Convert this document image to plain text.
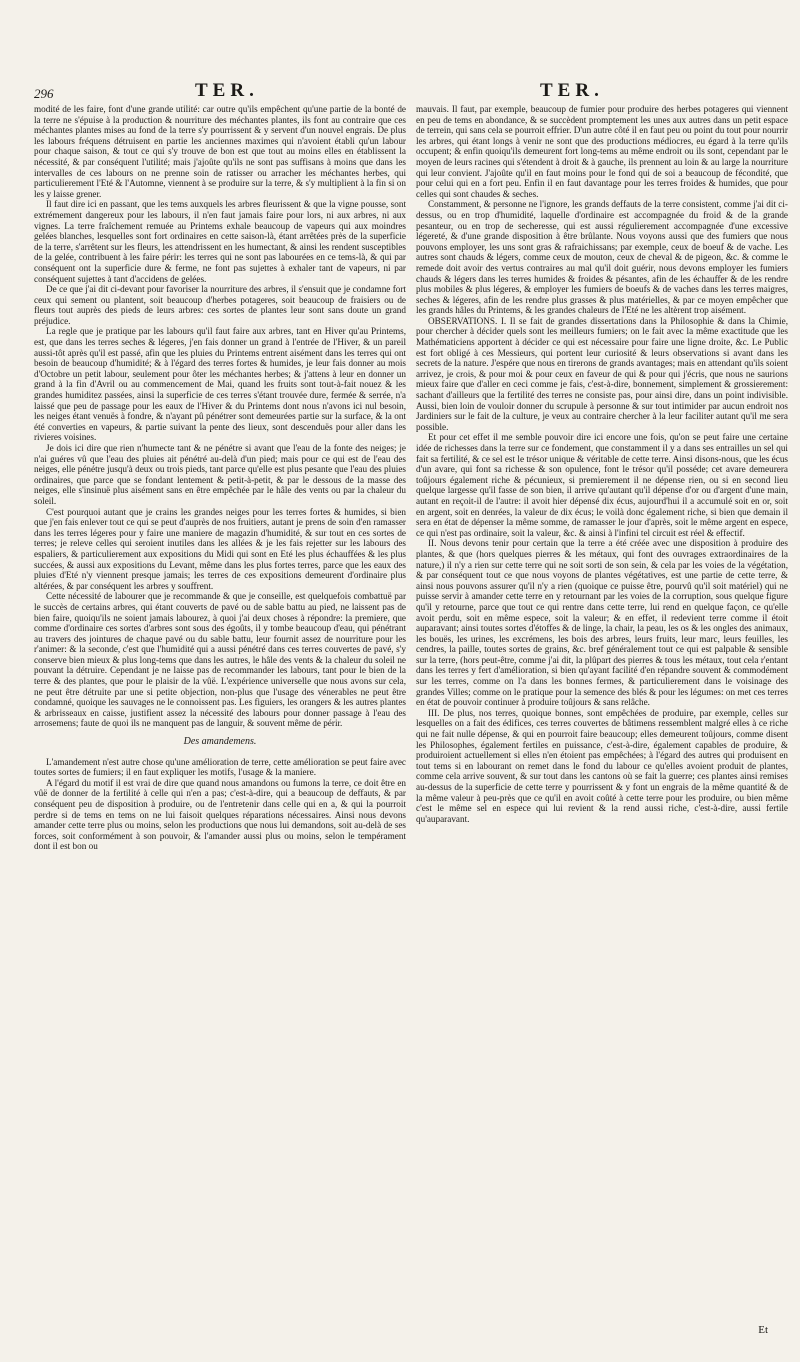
296	TER.	TER.

modité de les faire, font d'une grande utilité: car outre qu'ils empêchent qu'une partie de la bonté de la terre ne s'épuise à la production & nourriture des méchantes plantes, ils font au contraire que ces méchantes plantes mises au fond de la terre s'y pourrissent & y servent d'un nouvel engrais. De plus les labours fréquens détruisent en partie les anciennes maximes qui n'avoient établi qu'un labour pour chaque saison, & tout ce qui s'y trouve de bon est que tout au moins elles en établissent la nécessité, & par conséquent l'utilité; mais j'ajoûte qu'ils ne sont pas suffisans à moins que dans les intervalles de ces labours on ne prenne soin de ratisser ou arracher les méchantes herbes, qui particulierement l'Eté & l'Automne, viennent à se produire sur la terre, & s'y multiplient à la fin si on les y laisse grener.

Il faut dire ici en passant, que les tems auxquels les arbres fleurissent & que la vigne pousse, sont extrémement dangereux pour les labours, il n'en faut jamais faire pour lors, ni aux arbres, ni aux vignes. La terre fraîchement remuée au Printems exhale beaucoup de vapeurs qui aux moindres gelées blanches, lesquelles sont fort ordinaires en cette saison-là, étant arrêtées près de la superficie de la terre, s'arrêtent sur les fleurs, les attendrissent en les humectant, & ainsi les rendent susceptibles de la gelée, contribuent à les faire périr: les terres qui ne sont pas labourées en ce tems-là, & qui par conséquent ont la superficie dure & ferme, ne font pas sujettes à exhaler tant de vapeurs, ni par conséquent sujettes à tant d'accidens de gelées.

De ce que j'ai dit ci-devant pour favoriser la nourriture des arbres, il s'ensuit que je condamne fort ceux qui sement ou plantent, soit beaucoup d'herbes potageres, soit beaucoup de fraisiers ou de fleurs tout auprès des pieds de leurs arbres: ces sortes de plantes leur sont sans doute un grand préjudice.

La regle que je pratique par les labours qu'il faut faire aux arbres, tant en Hiver qu'au Printems, est, que dans les terres seches & légeres, j'en fais donner un grand à l'entrée de l'Hiver, & un pareil aussi-tôt après qu'il est passé, afin que les pluies du Printems entrent aisément dans les terres qui ont besoin de beaucoup d'humidité; & à l'égard des terres fortes & humides, je leur fais donner au mois d'Octobre un petit labour, seulement pour ôter les méchantes herbes; & j'attens à leur en donner un grand à la fin d'Avril ou au commencement de Mai, quand les fruits sont tout-à-fait nouez & les grandes humiditez passées, ainsi la superficie de ces terres s'étant trouvée dure, fermée & serrée, n'a laissé que peu de passage pour les eaux de l'Hiver & du Printems dont nous n'avons ici nul besoin, les neiges étant venuës à fondre, & n'ayant pû pénétrer sont demeurées partie sur la surface, & la ont été converties en vapeurs, & partie suivant la pente des lieux, sont descenduës pour aller dans les rivieres voisines.

Je dois ici dire que rien n'humecte tant & ne pénétre si avant que l'eau de la fonte des neiges; je n'ai guéres vû que l'eau des pluies ait pénétré au-delà d'un pied; mais pour ce qui est de l'eau des neiges, elle pénétre jusqu'à deux ou trois pieds, tant parce qu'elle est plus pesante que l'eau des pluies ordinaires, que parce que se fondant lentement & petit-à-petit, & par le dessous de la masse des neiges, elle s'insinuë plus aisément sans en être empêchée par le hâle des vents ou par la chaleur du soleil.

C'est pourquoi autant que je crains les grandes neiges pour les terres fortes & humides, si bien que j'en fais enlever tout ce qui se peut d'auprès de nos fruitiers, autant je prens de soin d'en ramasser dans les terres légeres pour y faire une maniere de magazin d'humidité, & sur tout en ces sortes de terres; je releve celles qui seroient inutiles dans les allées & je les fais rejetter sur les labours des espaliers, & particulierement aux expositions du Midi qui sont en Eté les plus échauffées & les plus succées, & aussi aux expositions du Levant, même dans les plus fortes terres, parce que les eaux des pluies d'Eté n'y viennent presque jamais; les terres de ces expositions demeurent d'ordinaire plus altérées, & par conséquent les arbres y souffrent.

Cette nécessité de labourer que je recommande & que je conseille, est quelquefois combattuë par le succès de certains arbres, qui étant couverts de pavé ou de sable battu au pied, ne laissent pas de bien faire, quoiqu'ils ne soient jamais labourez, à quoi j'ai deux choses à répondre: la premiere, que comme d'ordinaire ces sortes d'arbres sont sous des égoûts, il y tombe beaucoup d'eau, qui pénétrant au travers des jointures de chaque pavé ou du sable battu, leur fournit assez de nourriture pour les r'animer: & la seconde, c'est que l'humidité qui a aussi pénétré dans ces terres couvertes de pavé, s'y conserve bien mieux & plus long-tems que dans les autres, le hâle des vents & la chaleur du soleil ne pouvant la détruire. Cependant je ne laisse pas de recommander les labours, tant pour le bien de la terre & des plantes, que pour le plaisir de la vûë. L'expérience universelle que nous avons sur cela, ne peut être détruite par une si petite objection, non-plus que l'usage des vénerables ne peut être condamné, quoique les sauvages ne le connoissent pas. Les figuiers, les orangers & les autres plantes & arbrisseaux en caisse, justifient assez la nécessité des labours pour donner passage à l'eau des arrosemens; faute de quoi ils ne manquent pas de languir, & souvent même de périr.

Des amandemens.

L'amandement n'est autre chose qu'une amélioration de terre, cette amélioration se peut faire avec toutes sortes de fumiers; il en faut expliquer les motifs, l'usage & la maniere.

A l'égard du motif il est vrai de dire que quand nous amandons ou fumons la terre, ce doit être en vûë de donner de la fertilité à celle qui n'en a pas; c'est-à-dire, qui a beaucoup de deffauts, & par conséquent peu de disposition à produire, ou de l'entretenir dans celle qui en a, & qui la pourroit perdre si de tems en tems on ne lui faisoit quelques réparations nécessaires. Ainsi nous devons amander cette terre plus ou moins, selon les productions que nous lui demandons, soit au-delà de ses forces, soit conformément à son pouvoir, & l'amander aussi plus ou moins, selon le tempérament dont il est bon ou

mauvais. Il faut, par exemple, beaucoup de fumier pour produire des herbes potageres qui viennent en peu de tems en abondance, & se succèdent promptement les unes aux autres dans un petit espace de terrein, qui sans cela se pourroit effrier. D'un autre côté il en faut peu ou point du tout pour nourrir les arbres, qui étant longs à venir ne sont que des productions médiocres, eu égard à la terre qu'ils occupent; & enfin quoiqu'ils demeurent fort long-tems au même endroit ou ils sont, cependant par le moyen de leurs racines qui s'étendent à droit & à gauche, ils prennent au loin & au large la nourriture qui leur convient. J'ajoûte qu'il en faut moins pour le fond qui de soi a beaucoup de fécondité, que pour celui qui en a fort peu. Enfin il en faut davantage pour les terres froides & humides, que pour celles qui sont chaudes & seches.

Constamment, & personne ne l'ignore, les grands deffauts de la terre consistent, comme j'ai dit ci-dessus, ou en trop d'humidité, laquelle d'ordinaire est accompagnée du froid & de la grande pesanteur, ou en trop de secheresse, qui est aussi régulierement accompagnée d'une excessive légereté, & d'une grande disposition à être brûlante. Nous voyons aussi que des fumiers que nous pouvons employer, les uns sont gras & rafraichissans; par exemple, ceux de boeuf & de vache. Les autres sont chauds & légers, comme ceux de mouton, ceux de cheval & de pigeon, &c. & comme le remede doit avoir des vertus contraires au mal qu'il doit guérir, nous devons employer les fumiers chauds & légers dans les terres humides & froides & pésantes, afin de les échauffer & de les rendre plus mobiles & plus légeres, & employer les fumiers de boeufs & de vaches dans les terres maigres, seches & légeres, afin de les rendre plus grasses & plus matérielles, & par ce moyen empêcher que les grands hâles du Printems, & les grandes chaleurs de l'Eté ne les altèrent trop aisément.

OBSERVATIONS. I. Il se fait de grandes dissertations dans la Philosophie & dans la Chimie, pour chercher à décider quels sont les meilleurs fumiers; on le fait avec la même exactitude que les Mathématiciens apportent à décider ce qui est nécessaire pour faire une ligne droite, &c. Le Public est fort obligé à ces Messieurs, qui portent leur curiosité & leurs observations si avant dans les secrets de la nature. J'espére que nous en tirerons de grands avantages; mais en attendant qu'ils soient arrivez, je crois, & pour moi & pour ceux en faveur de qui & pour qui j'écris, que nous ne saurions mieux faire que d'aller en ceci comme je fais, c'est-à-dire, bonnement, simplement & grossierement: sachant d'ailleurs que la fertilité des terres ne consiste pas, pour ainsi dire, dans un point indivisible. Aussi, bien loin de vouloir donner du scrupule à personne & sur tout intimider par aucun endroit nos Jardiniers sur le fait de la culture, je veux au contraire chercher à la leur faciliter autant qu'il me sera possible.

Et pour cet effet il me semble pouvoir dire ici encore une fois, qu'on se peut faire une certaine idée de richesses dans la terre sur ce fondement, que constamment il y a dans ses entrailles un sel qui fait sa fertilité, & ce sel est le trésor unique & véritable de cette terre. Ainsi disons-nous, que les écus d'un avare, qui font sa richesse & son opulence, font le trésor qu'il posséde; cet avare demeurera toûjours également riche & pécunieux, si premierement il ne dépense rien, ou si en second lieu quelque largesse qu'il fasse de son bien, il arrive qu'autant qu'il dépense d'or ou d'argent d'une main, autant en reçoit-il de l'autre: il avoit hier dépensé dix écus, aujourd'hui il a accumulé soit en or, soit en argent, soit en denrées, la valeur de dix écus; le voilà donc également riche, si bien que demain il sera en état de dépenser la même somme, de ramasser le jour d'après, soit le même argent en espece, ce qui n'est pas ordinaire, soit la valeur, &c. & ainsi à l'infini tel circuit est réel & effectif.

II. Nous devons tenir pour certain que la terre a été créée avec une disposition à produire des plantes, & que (hors quelques pierres & les métaux, qui font des ouvrages extraordinaires de la nature,) il n'y a rien sur cette terre qui ne soit sorti de son sein, & cela par les voies de la végétation, & par conséquent tout ce que nous voyons de plantes végétatives, est une partie de cette terre, & ainsi nous pouvons assurer qu'il n'y a rien (quoique ce puisse être, pourvû qu'il soit matériel) qui ne puisse servir à amander cette terre en y retournant par les voies de la corruption, sous quelque figure qu'il y retourne, parce que tout ce qui rentre dans cette terre, lui rend en quelque façon, ce qu'elle avoit perdu, soit en même espece, soit la valeur; & en effet, il redevient terre comme il étoit auparavant; ainsi toutes sortes d'étoffes & de linge, la chair, la peau, les os & les ongles des animaux, les bouës, les urines, les excrémens, les bois des arbres, leurs fruits, leur marc, leurs feuilles, les cendres, la paille, toutes sortes de grains, &c. bref généralement tout ce qui est palpable & sensible sur la terre, (hors peut-être, comme j'ai dit, la plûpart des pierres & tous les métaux, tout cela r'entant dans les terres y fert d'amélioration, si bien qu'ayant facilité d'en répandre souvent & commodément sur les terres, comme on l'a dans les bonnes fermes, & particulierement dans le voisinage des grandes Villes; comme on le pratique pour la semence des blés & pour les légumes: on met ces terres en état de pouvoir continuer à produire toûjours & sans relâche.

III. De plus, nos terres, quoique bonnes, sont empêchées de produire, par exemple, celles sur lesquelles on a fait des édifices, ces terres couvertes de bâtimens ressemblent malgré elles à ce riche qui ne fait nulle dépense, & qui en pourroit faire beaucoup; elles demeurent toûjours, comme disent les Philosophes, également fertiles en puissance, c'est-à-dire, également capables de produire, & produiroient actuellement si elles n'en étoient pas empêchées; à l'égard des autres qui produisent en tout tems si en labourant on remet dans le fond du labour ce qu'elles avoient produit de plantes, comme cela arrive souvent, & sur tout dans les cantons où se fait la guerre; ces plantes ainsi remises au-dessus de la superficie de cette terre y pourrissent & y font un engrais de la même quantité & de la même valeur à peu-près que ce qu'il en avoit coûté à cette terre pour les produire, ou bien même c'est le même sel en espece qui lui revient & la rend aussi riche, c'est-à-dire, aussi fertile qu'auparavant.

Et
